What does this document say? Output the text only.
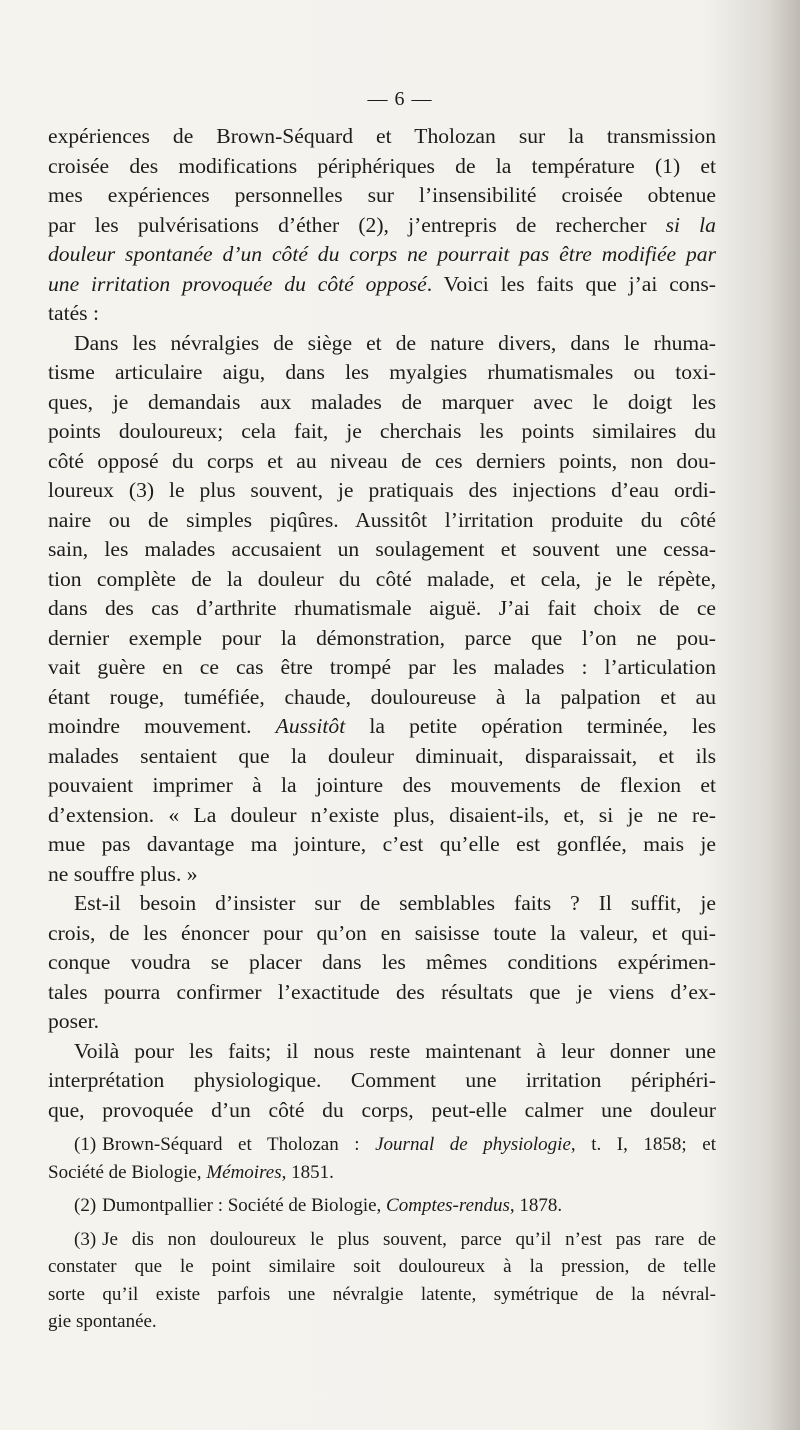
— 6 —

expériences de Brown-Séquard et Tholozan sur la transmission
croisée des modifications périphériques de la température (1) et
mes expériences personnelles sur l’insensibilité croisée obtenue
par les pulvérisations d’éther (2), j’entrepris de rechercher si la
douleur spontanée d’un côté du corps ne pourrait pas être modifiée par
une irritation provoquée du côté opposé. Voici les faits que j’ai cons-
tatés :

Dans les névralgies de siège et de nature divers, dans le rhuma-
tisme articulaire aigu, dans les myalgies rhumatismales ou toxi-
ques, je demandais aux malades de marquer avec le doigt les
points douloureux; cela fait, je cherchais les points similaires du
côté opposé du corps et au niveau de ces derniers points, non dou-
loureux (3) le plus souvent, je pratiquais des injections d’eau ordi-
naire ou de simples piqûres. Aussitôt l’irritation produite du côté
sain, les malades accusaient un soulagement et souvent une cessa-
tion complète de la douleur du côté malade, et cela, je le répète,
dans des cas d’arthrite rhumatismale aiguë. J’ai fait choix de ce
dernier exemple pour la démonstration, parce que l’on ne pou-
vait guère en ce cas être trompé par les malades : l’articulation
étant rouge, tuméfiée, chaude, douloureuse à la palpation et au
moindre mouvement. Aussitôt la petite opération terminée, les
malades sentaient que la douleur diminuait, disparaissait, et ils
pouvaient imprimer à la jointure des mouvements de flexion et
d’extension. « La douleur n’existe plus, disaient-ils, et, si je ne re-
mue pas davantage ma jointure, c’est qu’elle est gonflée, mais je
ne souffre plus. »

Est-il besoin d’insister sur de semblables faits ? Il suffit, je
crois, de les énoncer pour qu’on en saisisse toute la valeur, et qui-
conque voudra se placer dans les mêmes conditions expérimen-
tales pourra confirmer l’exactitude des résultats que je viens d’ex-
poser.

Voilà pour les faits; il nous reste maintenant à leur donner une
interprétation physiologique. Comment une irritation périphéri-
que, provoquée d’un côté du corps, peut-elle calmer une douleur

(1) Brown-Séquard et Tholozan : Journal de physiologie, t. I, 1858; et
Société de Biologie, Mémoires, 1851.

(2) Dumontpallier : Société de Biologie, Comptes-rendus, 1878.

(3) Je dis non douloureux le plus souvent, parce qu’il n’est pas rare de
constater que le point similaire soit douloureux à la pression, de telle
sorte qu’il existe parfois une névralgie latente, symétrique de la névral-
gie spontanée.
